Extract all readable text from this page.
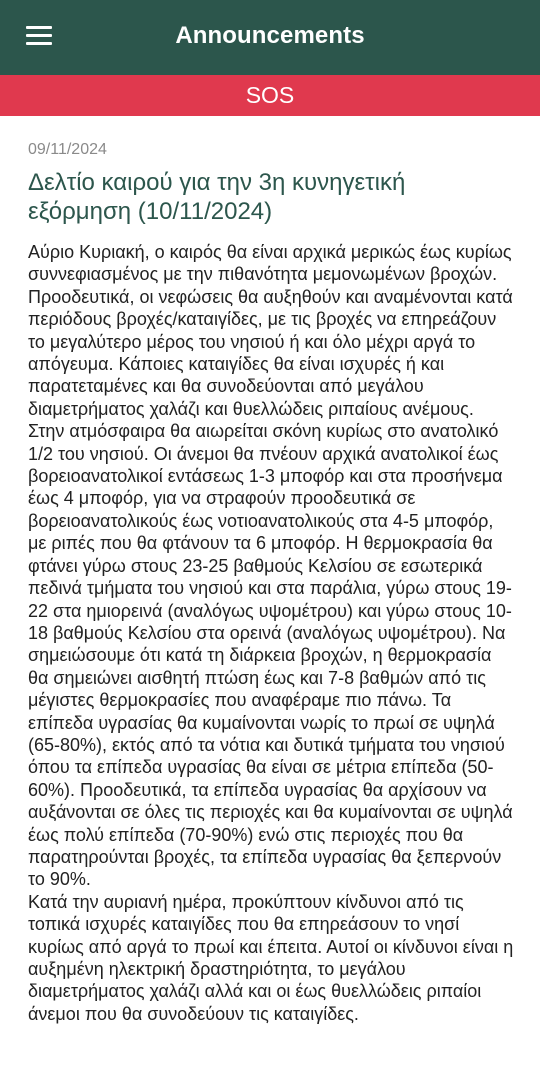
Announcements
SOS
09/11/2024
Δελτίο καιρού για την 3η κυνηγετική εξόρμηση (10/11/2024)
Αύριο Κυριακή, ο καιρός θα είναι αρχικά μερικώς έως κυρίως συννεφιασμένος με την πιθανότητα μεμονωμένων βροχών. Προοδευτικά, οι νεφώσεις θα αυξηθούν και αναμένονται κατά περιόδους βροχές/καταιγίδες, με τις βροχές να επηρεάζουν το μεγαλύτερο μέρος του νησιού ή και όλο μέχρι αργά το απόγευμα. Κάποιες καταιγίδες θα είναι ισχυρές ή και παρατεταμένες και θα συνοδεύονται από μεγάλου διαμετρήματος χαλάζι και θυελλώδεις ριπαίους ανέμους. Στην ατμόσφαιρα θα αιωρείται σκόνη κυρίως στο ανατολικό 1/2 του νησιού. Οι άνεμοι θα πνέουν αρχικά ανατολικοί έως βορειοανατολικοί εντάσεως 1-3 μποφόρ και στα προσήνεμα έως 4 μποφόρ, για να στραφούν προοδευτικά σε βορειοανατολικούς έως νοτιοανατολικούς στα 4-5 μποφόρ, με ριπές που θα φτάνουν τα 6 μποφόρ. Η θερμοκρασία θα φτάνει γύρω στους 23-25 βαθμούς Κελσίου σε εσωτερικά πεδινά τμήματα του νησιού και στα παράλια, γύρω στους 19-22 στα ημιορεινά (αναλόγως υψομέτρου) και γύρω στους 10-18 βαθμούς Κελσίου στα ορεινά (αναλόγως υψομέτρου). Να σημειώσουμε ότι κατά τη διάρκεια βροχών, η θερμοκρασία θα σημειώνει αισθητή πτώση έως και 7-8 βαθμών από τις μέγιστες θερμοκρασίες που αναφέραμε πιο πάνω. Τα επίπεδα υγρασίας θα κυμαίνονται νωρίς το πρωί σε υψηλά (65-80%), εκτός από τα νότια και δυτικά τμήματα του νησιού όπου τα επίπεδα υγρασίας θα είναι σε μέτρια επίπεδα (50-60%). Προοδευτικά, τα επίπεδα υγρασίας θα αρχίσουν να αυξάνονται σε όλες τις περιοχές και θα κυμαίνονται σε υψηλά έως πολύ επίπεδα (70-90%) ενώ στις περιοχές που θα παρατηρούνται βροχές, τα επίπεδα υγρασίας θα ξεπερνούν το 90%.
Κατά την αυριανή ημέρα, προκύπτουν κίνδυνοι από τις τοπικά ισχυρές καταιγίδες που θα επηρεάσουν το νησί κυρίως από αργά το πρωί και έπειτα. Αυτοί οι κίνδυνοι είναι η αυξημένη ηλεκτρική δραστηριότητα, το μεγάλου διαμετρήματος χαλάζι αλλά και οι έως θυελλώδεις ριπαίοι άνεμοι που θα συνοδεύουν τις καταιγίδες.
